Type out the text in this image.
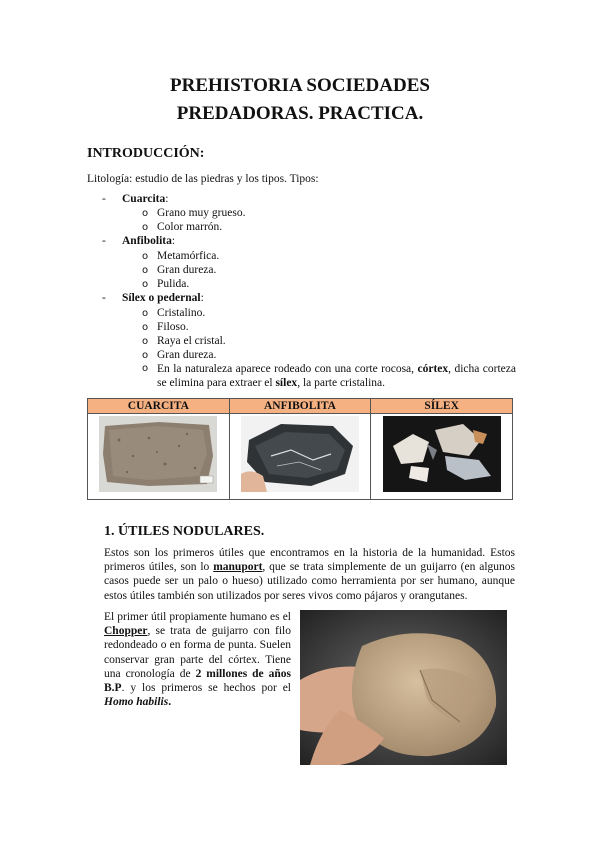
PREHISTORIA SOCIEDADES
PREDADORAS. PRACTICA.
INTRODUCCIÓN:
Litología: estudio de las piedras y los tipos. Tipos:
- Cuarcita:
o Grano muy grueso.
o Color marrón.
- Anfibolita:
o Metamórfica.
o Gran dureza.
o Pulida.
- Sílex o pedernal:
o Cristalino.
o Filoso.
o Raya el cristal.
o Gran dureza.
o En la naturaleza aparece rodeado con una corte rocosa, córtex, dicha corteza se elimina para extraer el sílex, la parte cristalina.
CUARCITA	ANFIBOLITA	SÍLEX

1. ÚTILES NODULARES.
Estos son los primeros útiles que encontramos en la historia de la humanidad. Estos primeros útiles, son lo manuport, que se trata simplemente de un guijarro (en algunos casos puede ser un palo o hueso) utilizado como herramienta por ser humano, aunque estos útiles también son utilizados por seres vivos como pájaros y orangutanes.
El primer útil propiamente humano es el Chopper, se trata de guijarro con filo redondeado o en forma de punta. Suelen conservar gran parte del córtex. Tiene una cronología de 2 millones de años B.P. y los primeros se hechos por el Homo habilis.
